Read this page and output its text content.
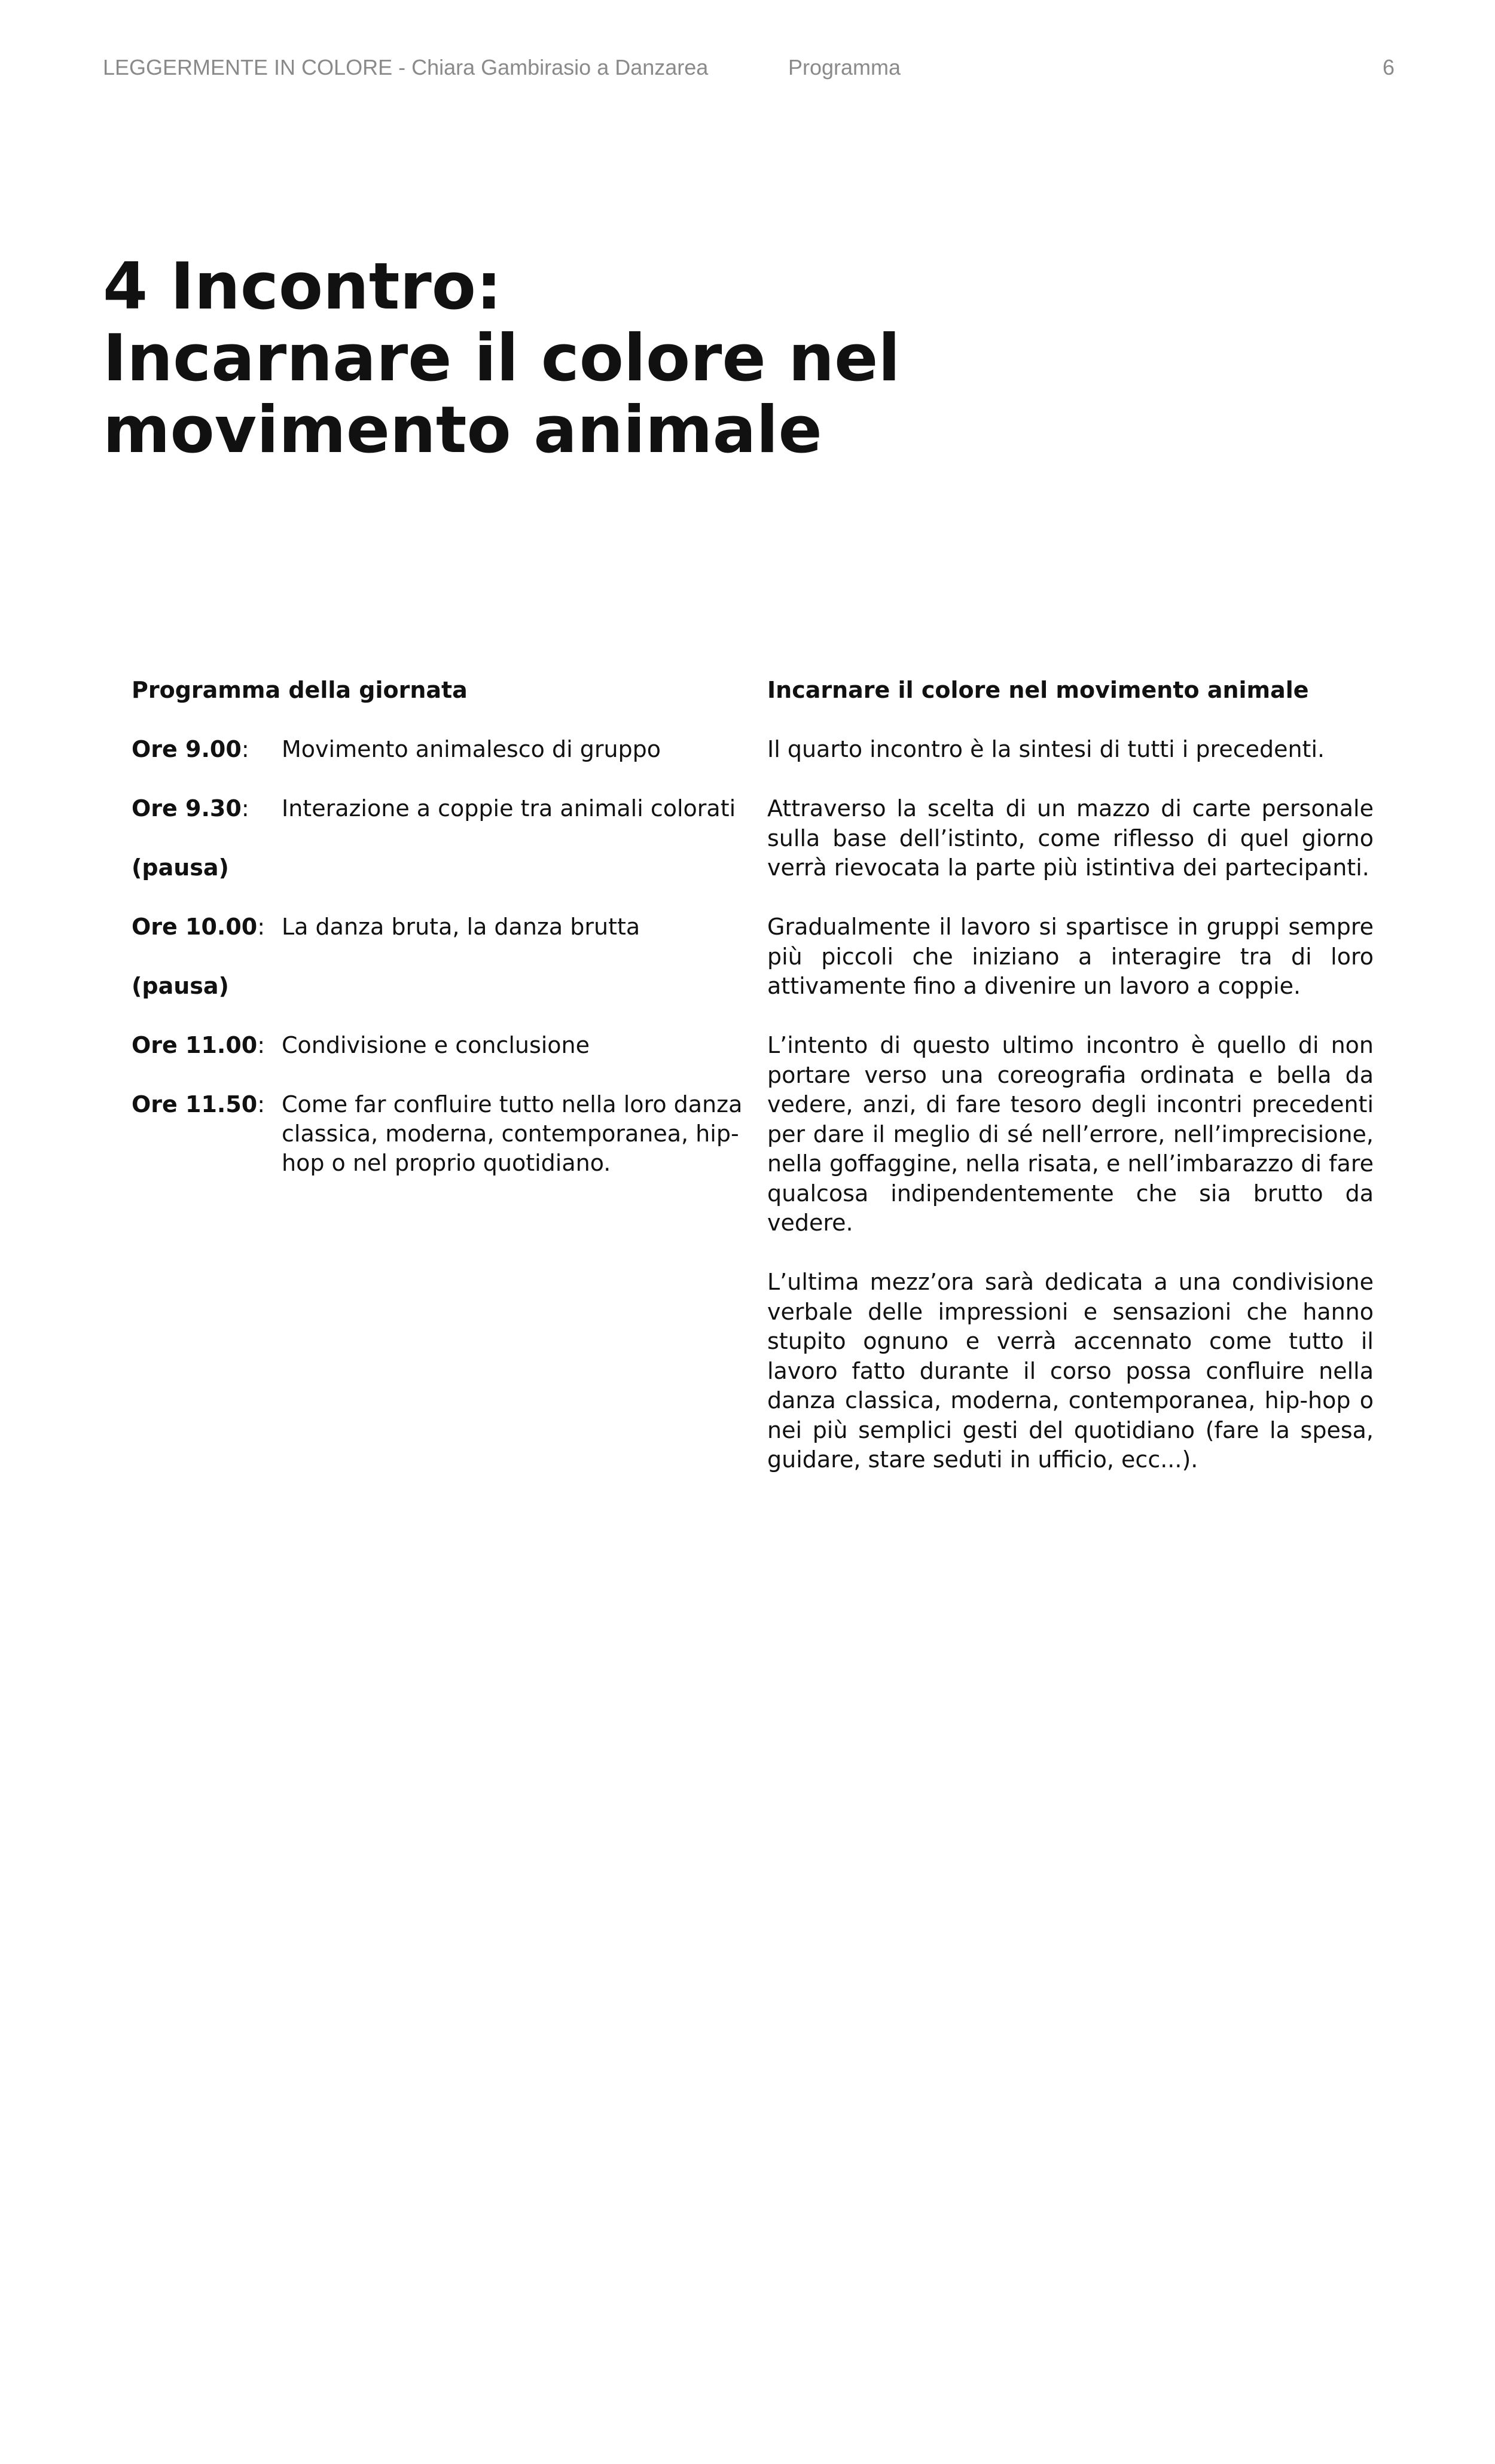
LEGGERMENTE IN COLORE - Chiara Gambirasio a Danzarea	Programma	6
4 Incontro:
Incarnare il colore nel
movimento animale
Programma della giornata
Ore 9.00: Movimento animalesco di gruppo
Ore 9.30: Interazione a coppie tra animali colorati
(pausa)
Ore 10.00: La danza bruta, la danza brutta
(pausa)
Ore 11.00: Condivisione e conclusione
Ore 11.50: Come far confluire tutto nella loro danza classica, moderna, contemporanea, hip-hop o nel proprio quotidiano.
Incarnare il colore nel movimento animale

Il quarto incontro è la sintesi di tutti i precedenti.

Attraverso la scelta di un mazzo di carte personale sulla base dell’istinto, come riflesso di quel giorno verrà rievocata la parte più istintiva dei partecipanti.

Gradualmente il lavoro si spartisce in gruppi sempre più piccoli che iniziano a interagire tra di loro attivamente fino a divenire un lavoro a coppie.

L’intento di questo ultimo incontro è quello di non portare verso una coreografia ordinata e bella da vedere, anzi, di fare tesoro degli incontri precedenti per dare il meglio di sé nell’errore, nell’imprecisione, nella goffaggine, nella risata, e nell’imbarazzo di fare qualcosa indipendentemente che sia brutto da vedere.

L’ultima mezz’ora sarà dedicata a una condivisione verbale delle impressioni e sensazioni che hanno stupito ognuno e verrà accennato come tutto il lavoro fatto durante il corso possa confluire nella danza classica, moderna, contemporanea, hip-hop o nei più semplici gesti del quotidiano (fare la spesa, guidare, stare seduti in ufficio, ecc...).
